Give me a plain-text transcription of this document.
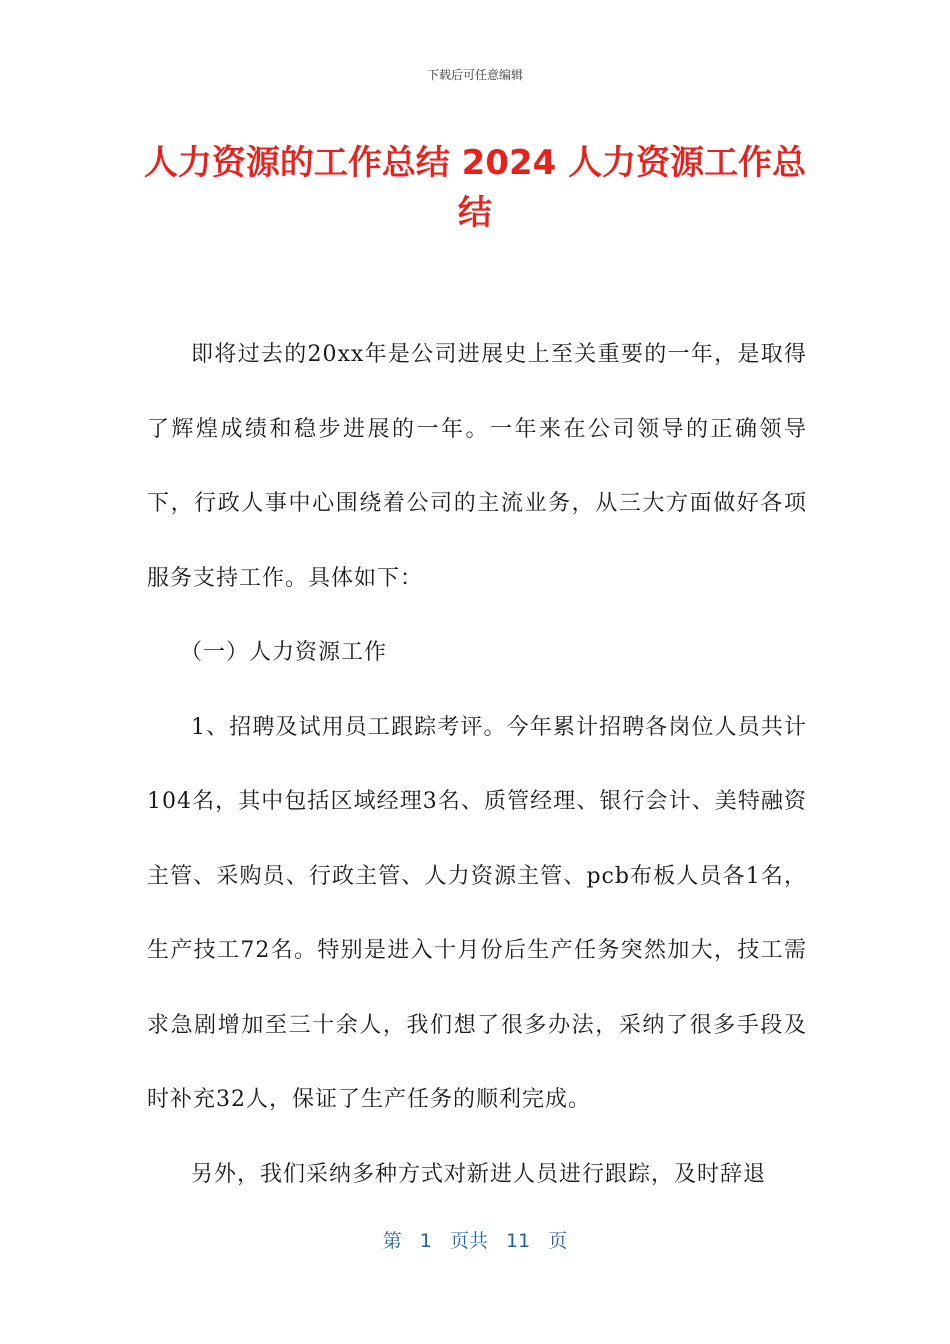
下载后可任意编辑
人力资源的工作总结 2024 人力资源工作总结

即将过去的20xx年是公司进展史上至关重要的一年，是取得了辉煌成绩和稳步进展的一年。一年来在公司领导的正确领导下，行政人事中心围绕着公司的主流业务，从三大方面做好各项服务支持工作。具体如下：

（一）人力资源工作

1、招聘及试用员工跟踪考评。今年累计招聘各岗位人员共计104名，其中包括区域经理3名、质管经理、银行会计、美特融资主管、采购员、行政主管、人力资源主管、pcb布板人员各1名，生产技工72名。特别是进入十月份后生产任务突然加大，技工需求急剧增加至三十余人，我们想了很多办法，采纳了很多手段及时补充32人，保证了生产任务的顺利完成。

另外，我们采纳多种方式对新进人员进行跟踪，及时辞退

第 1 页共 11 页
